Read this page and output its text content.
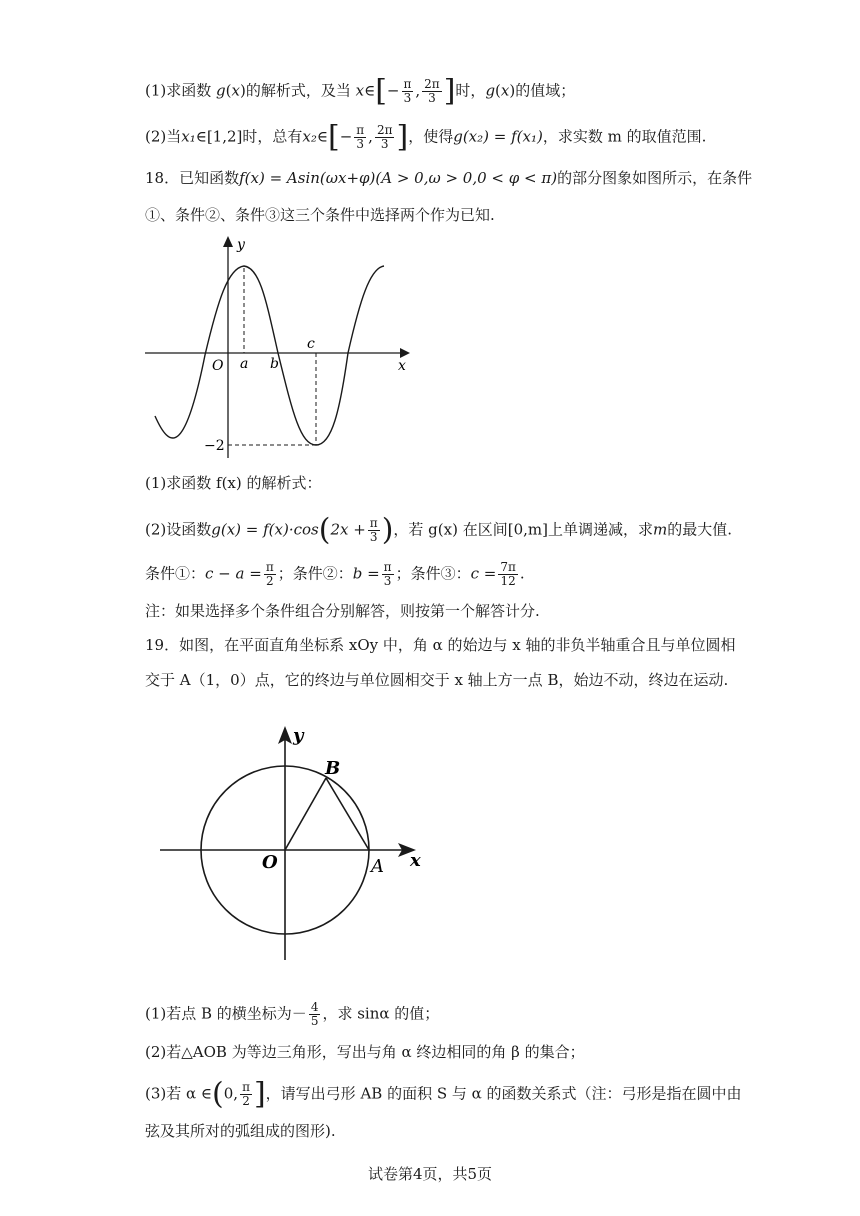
(1)求函数 g(x)的解析式，及当 x∈[− $\frac{\pi}{3}$ , $\frac{2\pi}{3}$ ]时，g(x)的值域；
(2)当x₁∈[1,2]时，总有x₂∈[− $\frac{\pi}{3}$ , $\frac{2\pi}{3}$ ]，使得g(x₂) = f(x₁)，求实数 m 的取值范围.
18．已知函数f(x) = Asin(ωx+φ)(A > 0,ω > 0,0 < φ < π)的部分图象如图所示，在条件
①、条件②、条件③这三个条件中选择两个作为已知.
y
x
O a b
c
−2
(1)求函数 f(x) 的解析式：
(2)设函数$g(x) = f(x)\cdot\cos(2x + \frac{\pi}{3}$ )，若 g(x) 在区间[0,m]上单调递减，求m的最大值.
条件①：$c - a = \frac{\pi}{2}$ ；条件②：$b = \frac{\pi}{3}$ ；条件③：$c = \frac{7\pi}{12}$ .
注：如果选择多个条件组合分别解答，则按第一个解答计分.
19．如图，在平面直角坐标系 xOy 中，角 α 的始边与 x 轴的非负半轴重合且与单位圆相
交于 A（1，0）点，它的终边与单位圆相交于 x 轴上方一点 B，始边不动，终边在运动.
y
x
O	A
B
(1)若点 B 的横坐标为－ $\frac{4}{5}$ ，求 sinα 的值；
(2)若△AOB 为等边三角形，写出与角 α 终边相同的角 β 的集合；
(3)若 α ∈(0, $\frac{\pi}{2}$ ]，请写出弓形 AB 的面积 S 与 α 的函数关系式（注：弓形是指在圆中由
弦及其所对的弧组成的图形).
试卷第4页，共5页
